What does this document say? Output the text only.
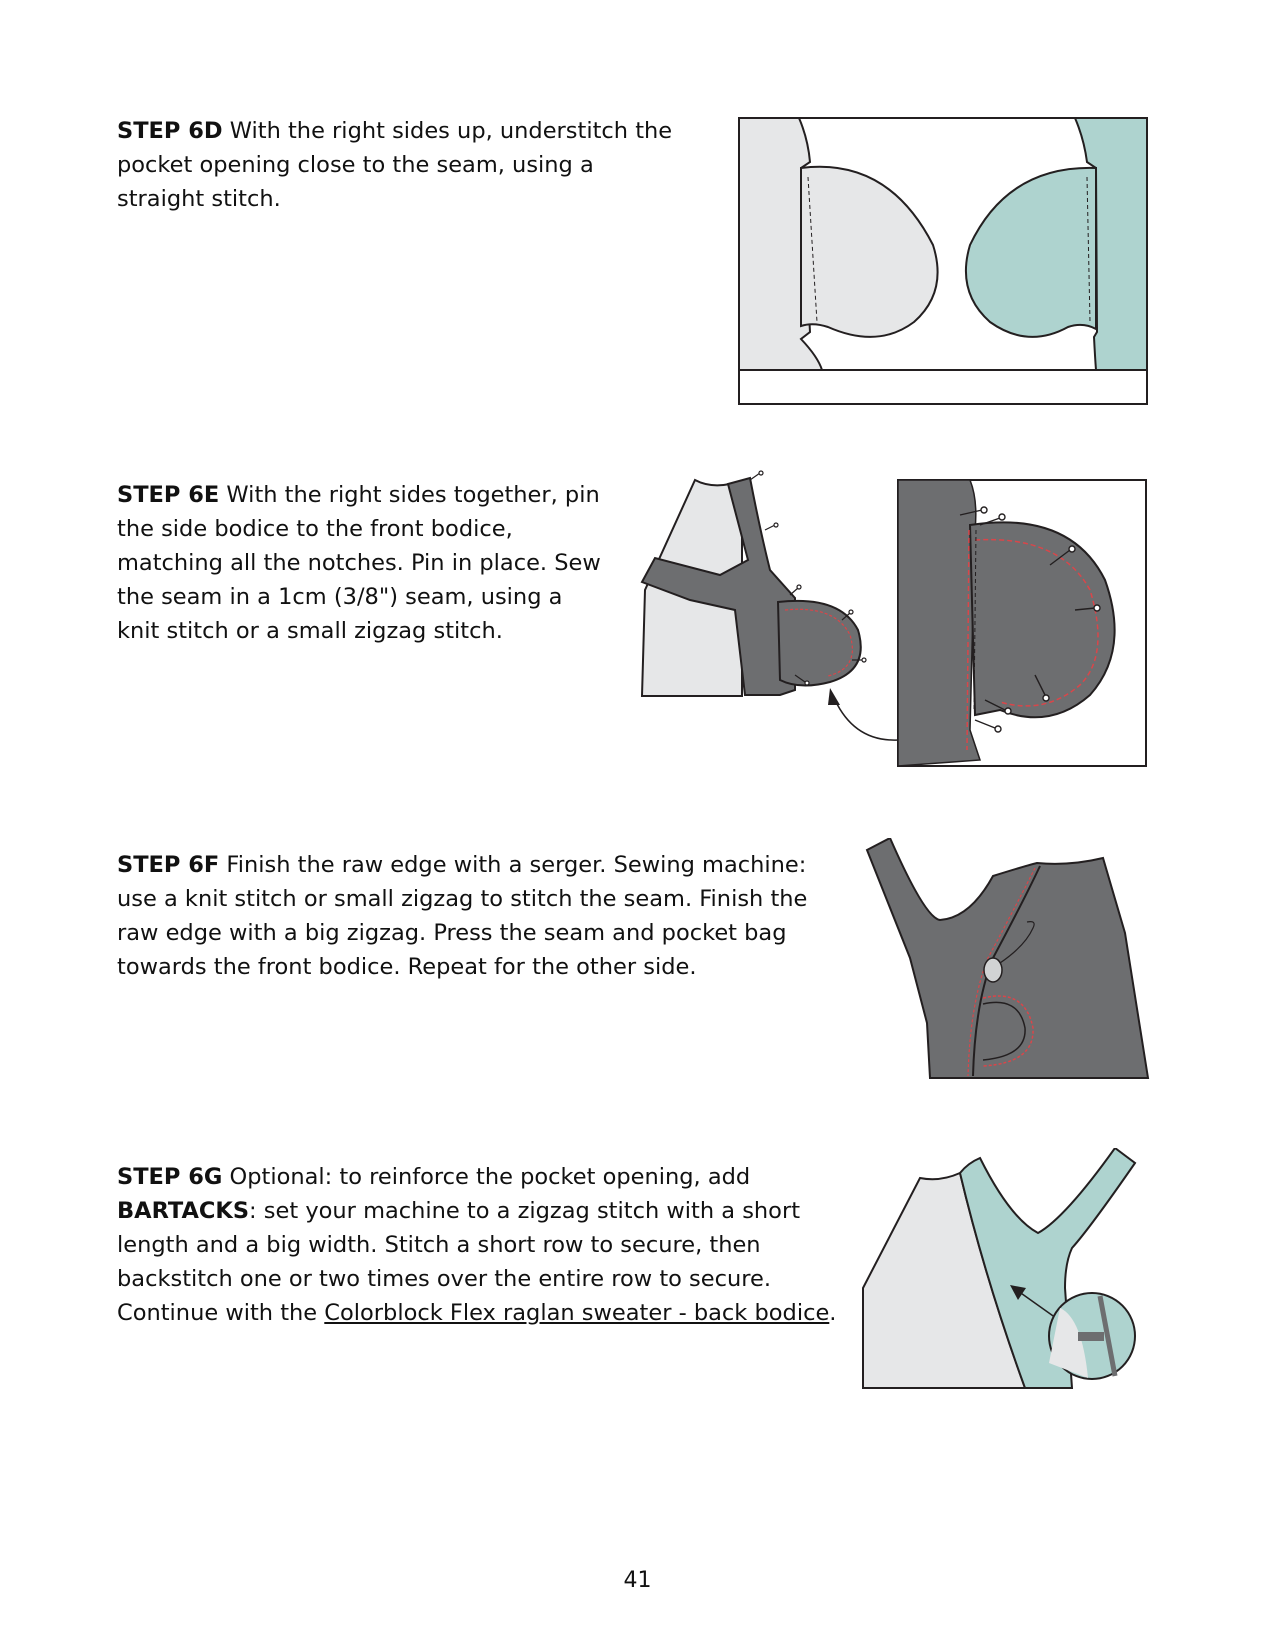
STEP 6D With the right sides up, understitch the pocket opening close to the seam, using a straight stitch.
STEP 6E With the right sides together, pin the side bodice to the front bodice, matching all the notches. Pin in place. Sew the seam in a 1cm (3/8") seam, using a knit stitch or a small zigzag stitch.
STEP 6F Finish the raw edge with a serger. Sewing machine: use a knit stitch or small zigzag to stitch the seam. Finish the raw edge with a big zigzag. Press the seam and pocket bag towards the front bodice. Repeat for the other side.
STEP 6G Optional: to reinforce the pocket opening, add BARTACKS: set your machine to a zigzag stitch with a short length and a big width. Stitch a short row to secure, then backstitch one or two times over the entire row to secure. Continue with the Colorblock Flex raglan sweater - back bodice.
41
